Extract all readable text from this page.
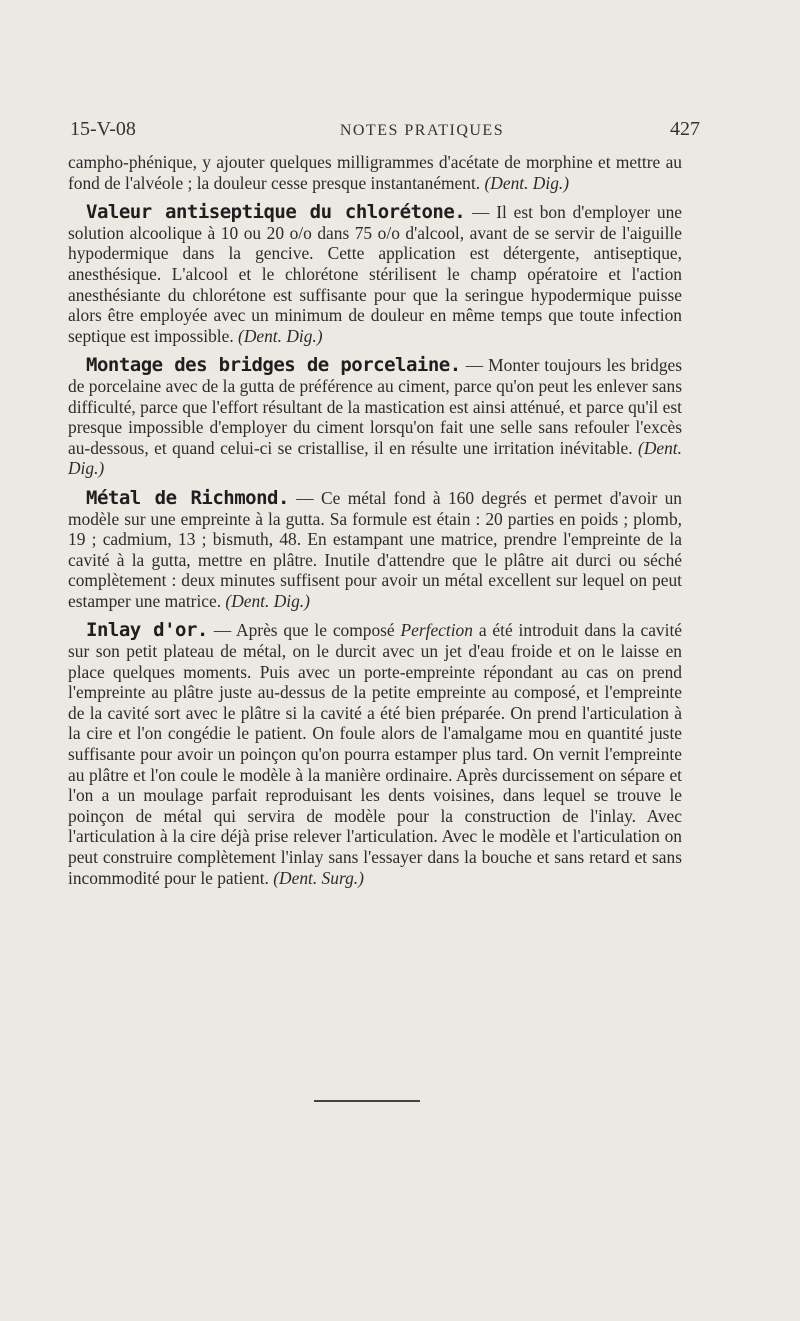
15-V-08	NOTES PRATIQUES	427

campho-phénique, y ajouter quelques milligrammes d'acétate de morphine et mettre au fond de l'alvéole ; la douleur cesse presque instantanément. (Dent. Dig.)

Valeur antiseptique du chlorétone. — Il est bon d'employer une solution alcoolique à 10 ou 20 o/o dans 75 o/o d'alcool, avant de se servir de l'aiguille hypodermique dans la gencive. Cette application est détergente, antiseptique, anesthésique. L'alcool et le chlorétone stérilisent le champ opératoire et l'action anesthésiante du chlorétone est suffisante pour que la seringue hypodermique puisse alors être employée avec un minimum de douleur en même temps que toute infection septique est impossible. (Dent. Dig.)

Montage des bridges de porcelaine. — Monter toujours les bridges de porcelaine avec de la gutta de préférence au ciment, parce qu'on peut les enlever sans difficulté, parce que l'effort résultant de la mastication est ainsi atténué, et parce qu'il est presque impossible d'employer du ciment lorsqu'on fait une selle sans refouler l'excès au-dessous, et quand celui-ci se cristallise, il en résulte une irritation inévitable. (Dent. Dig.)

Métal de Richmond. — Ce métal fond à 160 degrés et permet d'avoir un modèle sur une empreinte à la gutta. Sa formule est étain : 20 parties en poids ; plomb, 19 ; cadmium, 13 ; bismuth, 48. En estampant une matrice, prendre l'empreinte de la cavité à la gutta, mettre en plâtre. Inutile d'attendre que le plâtre ait durci ou séché complètement : deux minutes suffisent pour avoir un métal excellent sur lequel on peut estamper une matrice. (Dent. Dig.)

Inlay d'or. — Après que le composé Perfection a été introduit dans la cavité sur son petit plateau de métal, on le durcit avec un jet d'eau froide et on le laisse en place quelques moments. Puis avec un porte-empreinte répondant au cas on prend l'empreinte au plâtre juste au-dessus de la petite empreinte au composé, et l'empreinte de la cavité sort avec le plâtre si la cavité a été bien préparée. On prend l'articulation à la cire et l'on congédie le patient. On foule alors de l'amalgame mou en quantité juste suffisante pour avoir un poinçon qu'on pourra estamper plus tard. On vernit l'empreinte au plâtre et l'on coule le modèle à la manière ordinaire. Après durcissement on sépare et l'on a un moulage parfait reproduisant les dents voisines, dans lequel se trouve le poinçon de métal qui servira de modèle pour la construction de l'inlay. Avec l'articulation à la cire déjà prise relever l'articulation. Avec le modèle et l'articulation on peut construire complètement l'inlay sans l'essayer dans la bouche et sans retard et sans incommodité pour le patient. (Dent. Surg.)
